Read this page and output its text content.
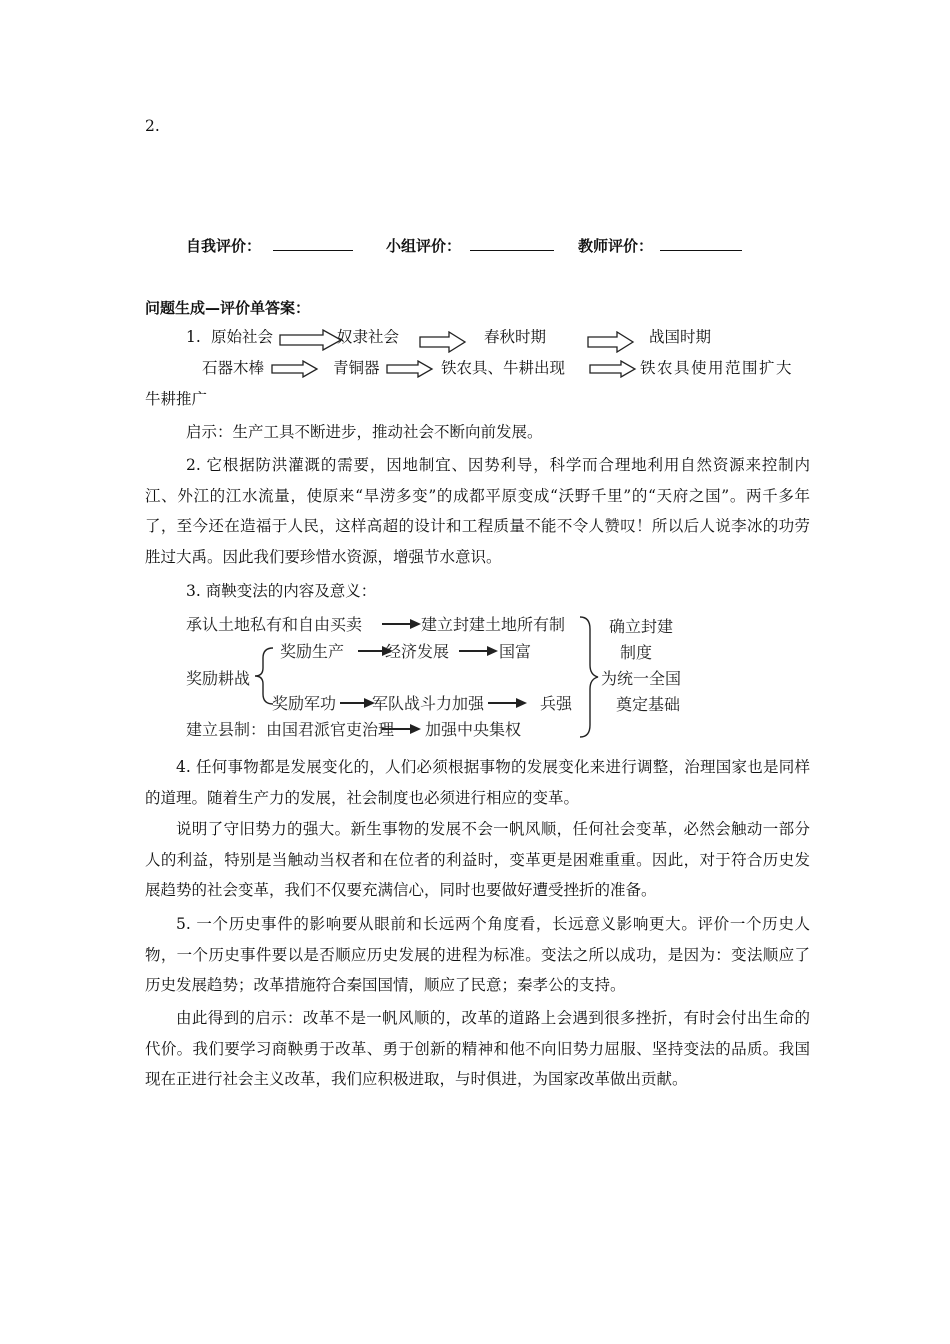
2.
自我评价：	小组评价：	教师评价：
问题生成—评价单答案：
1. 原始社会	奴隶社会	春秋时期	战国时期
石器木棒	青铜器	铁农具、牛耕出现	铁农具使用范围扩大
牛耕推广
启示：生产工具不断进步，推动社会不断向前发展。
2. 它根据防洪灌溉的需要，因地制宜、因势利导，科学而合理地利用自然资源来控制内江、外江的江水流量，使原来“旱涝多变”的成都平原变成“沃野千里”的“天府之国”。两千多年了，至今还在造福于人民，这样高超的设计和工程质量不能不令人赞叹！所以后人说李冰的功劳胜过大禹。因此我们要珍惜水资源，增强节水意识。
3. 商鞅变法的内容及意义：
承认土地私有和自由买卖	建立封建土地所有制
奖励耕战
奖励生产	经济发展	国富
奖励军功 军队战斗力加强	兵强
建立县制：由国君派官吏治理 加强中央集权
确立封建
制度
为统一全国
奠定基础
4. 任何事物都是发展变化的，人们必须根据事物的发展变化来进行调整，治理国家也是同样的道理。随着生产力的发展，社会制度也必须进行相应的变革。
说明了守旧势力的强大。新生事物的发展不会一帆风顺，任何社会变革，必然会触动一部分人的利益，特别是当触动当权者和在位者的利益时，变革更是困难重重。因此，对于符合历史发展趋势的社会变革，我们不仅要充满信心，同时也要做好遭受挫折的准备。
5. 一个历史事件的影响要从眼前和长远两个角度看，长远意义影响更大。评价一个历史人物，一个历史事件要以是否顺应历史发展的进程为标准。变法之所以成功，是因为：变法顺应了历史发展趋势；改革措施符合秦国国情，顺应了民意；秦孝公的支持。
由此得到的启示：改革不是一帆风顺的，改革的道路上会遇到很多挫折，有时会付出生命的代价。我们要学习商鞅勇于改革、勇于创新的精神和他不向旧势力屈服、坚持变法的品质。我国现在正进行社会主义改革，我们应积极进取，与时俱进，为国家改革做出贡献。
